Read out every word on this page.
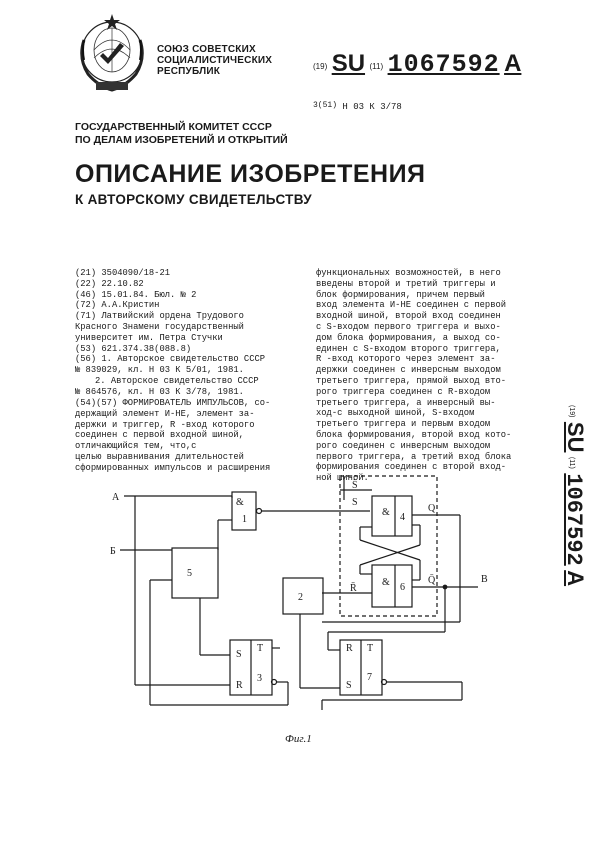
СОЮЗ СОВЕТСКИХ
СОЦИАЛИСТИЧЕСКИХ
РЕСПУБЛИК	(19) SU (11) 1067592 A
3(51) Н 03 К 3/78
ГОСУДАРСТВЕННЫЙ КОМИТЕТ СССР
ПО ДЕЛАМ ИЗОБРЕТЕНИЙ И ОТКРЫТИЙ
ОПИСАНИЕ ИЗОБРЕТЕНИЯ
К АВТОРСКОМУ СВИДЕТЕЛЬСТВУ
(21) 3504090/18-21
(22) 22.10.82
(46) 15.01.84. Бюл. № 2
(72) А.А.Кристин
(71) Латвийский ордена Трудового
Красного Знамени государственный
университет им. Петра Стучки
(53) 621.374.38(088.8)
(56) 1. Авторское свидетельство СССР
№ 839029, кл. Н 03 К 5/01, 1981.
2. Авторское свидетельство СССР
№ 864576, кл. Н 03 К 3/78, 1981.
(54)(57) ФОРМИРОВАТЕЛЬ ИМПУЛЬСОВ, со-
держащий элемент И-НЕ, элемент за-
держки и триггер, R -вход которого
соединен с первой входной шиной,
отличающийся тем, что,с
целью выравнивания длительностей
сформированных импульсов и расширения
функциональных возможностей, в него
введены второй и третий триггеры и
блок формирования, причем первый
вход элемента И-НЕ соединен с первой
входной шиной, второй вход соединен
с S-входом первого триггера и выхо-
дом блока формирования, а выход со-
единен с S-входом второго триггера,
R -вход которого через элемент за-
держки соединен с инверсным выходом
третьего триггера, прямой выход вто-
рого триггера соединен с R-входом
третьего триггера, а инверсный вы-
ход-с выходной шиной, S-входом
третьего триггера и первым входом
блока формирования, второй вход кото-
рого соединен с инверсным выходом
первого триггера, а третий вход блока
формирования соединен с второй вход-
ной шиной.
(19) SU (11) 1067592 A
А
Б
В
&
1
5
2
S
R
T
3
R
S
T
7
&
&
4
6
S̄
S
R̄
Q
Q̄
Фиг.1
